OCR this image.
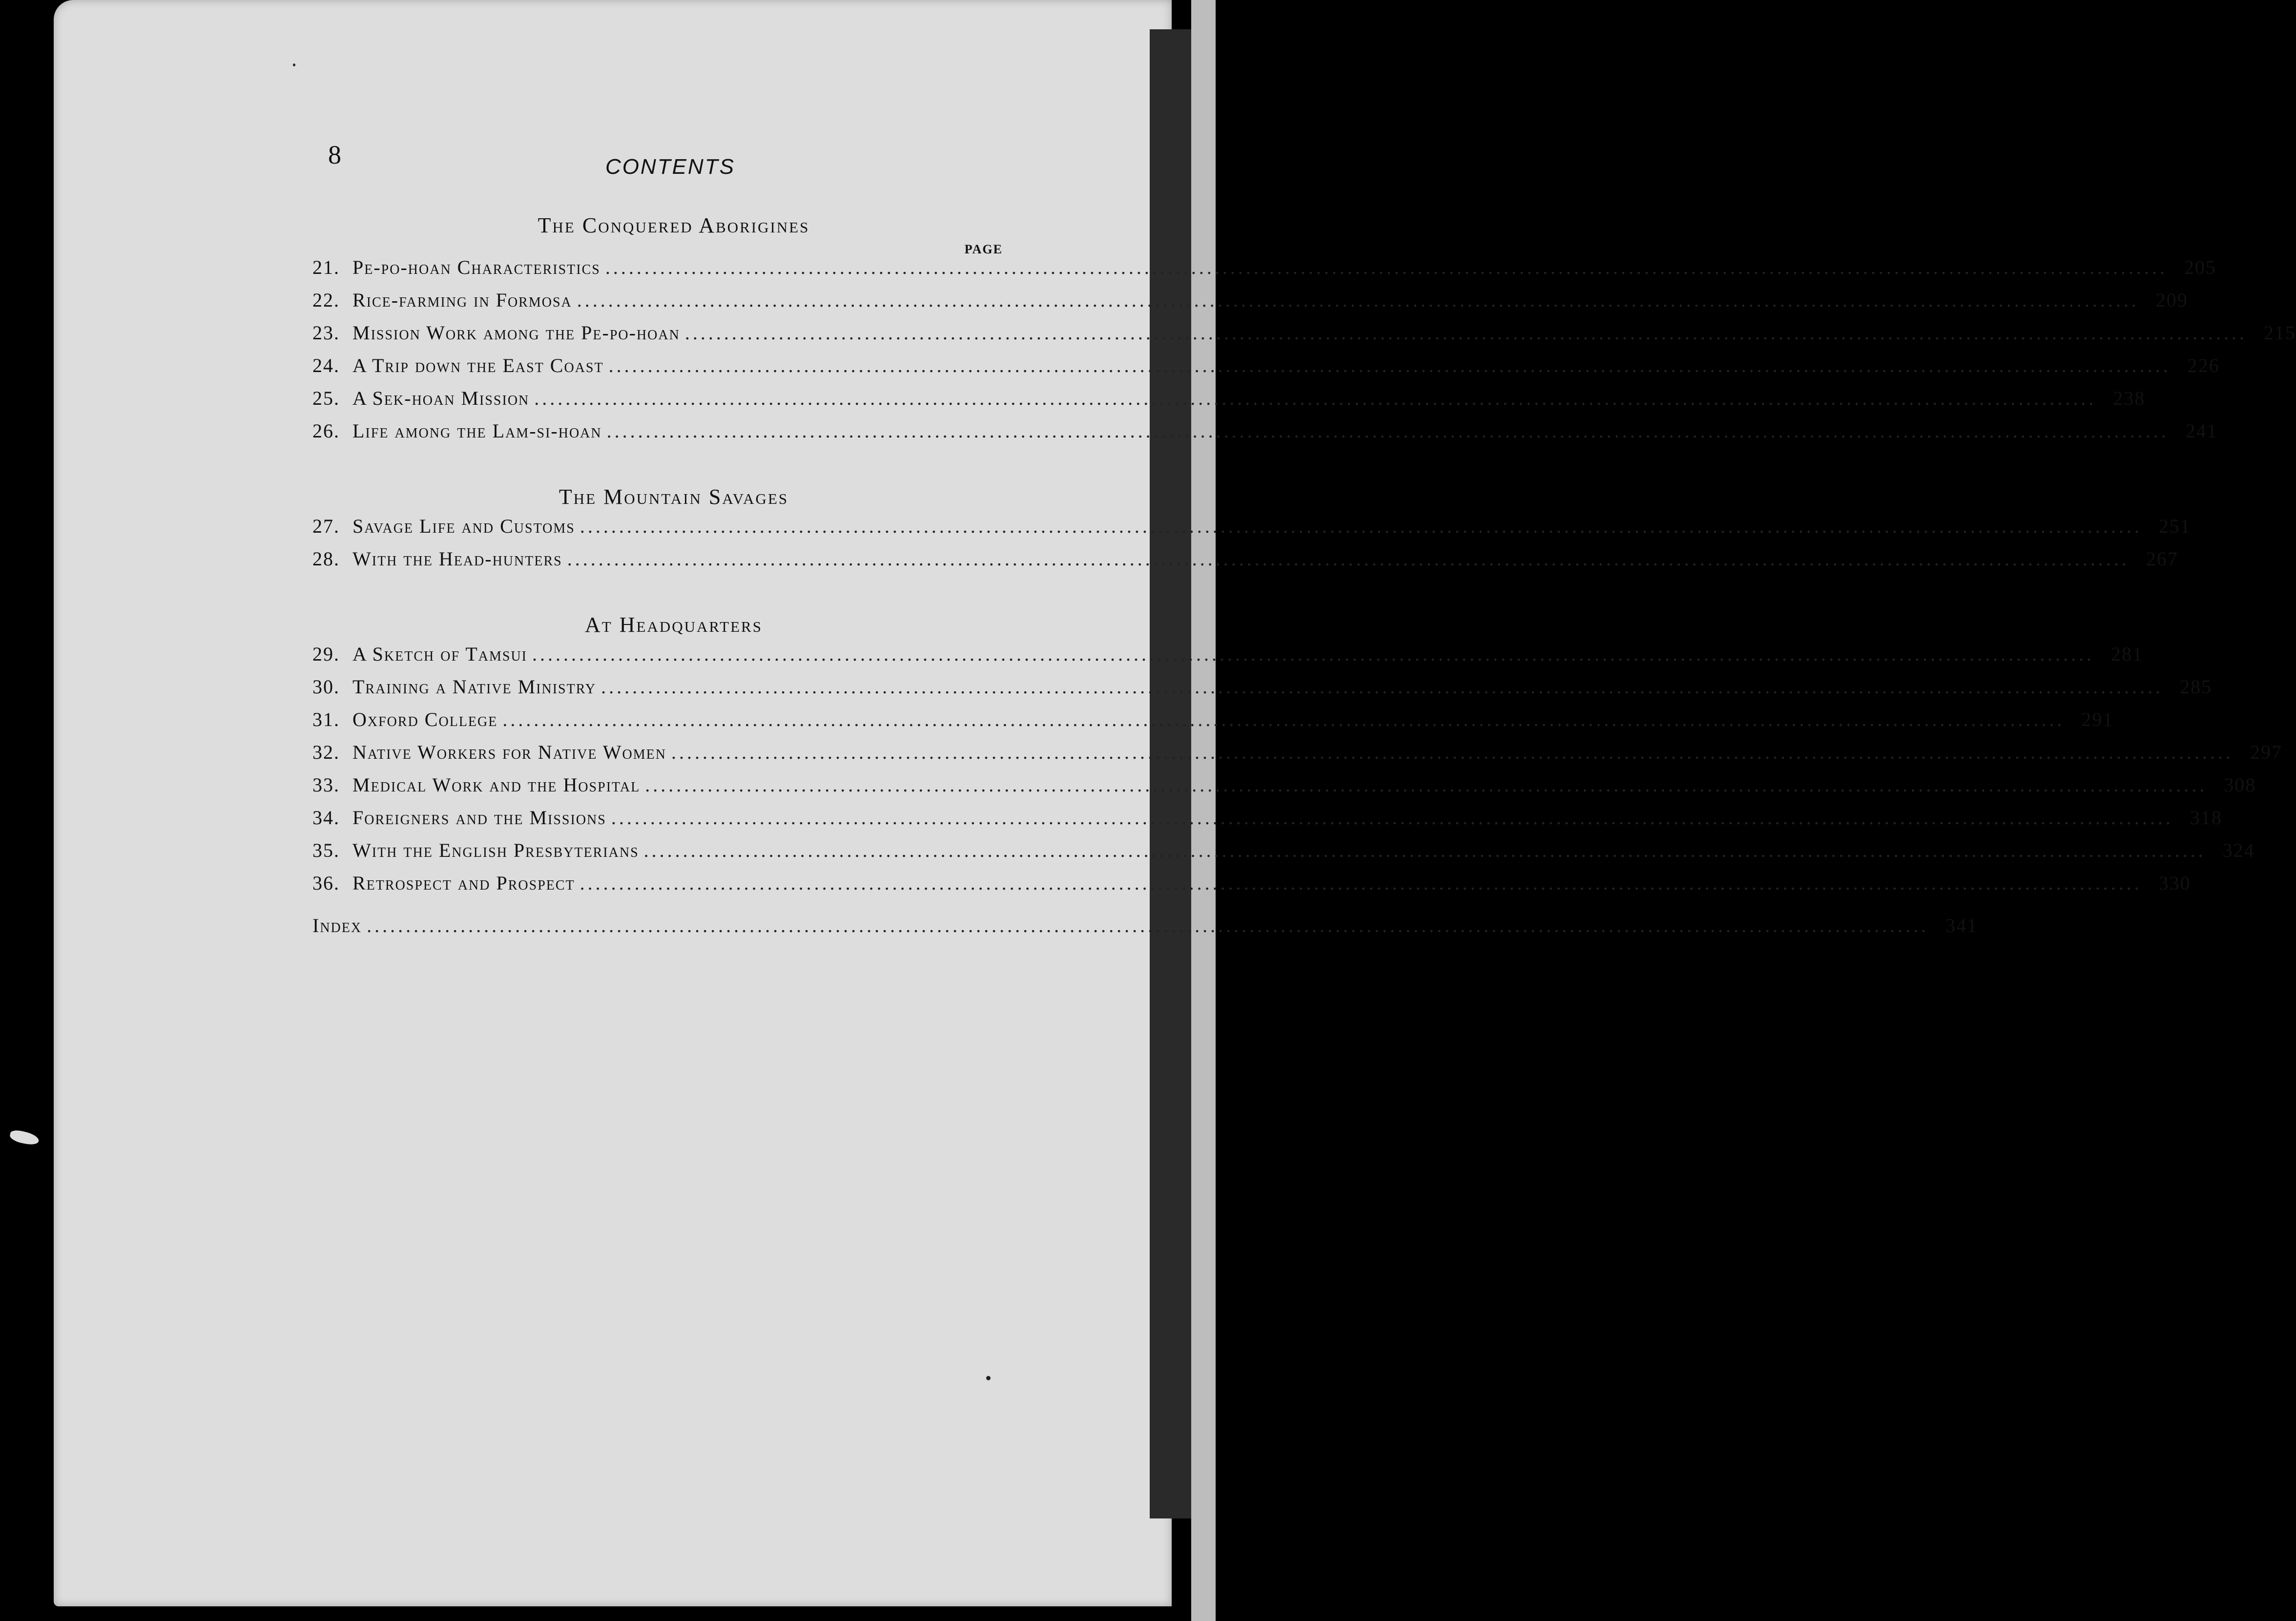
8	CONTENTS
The Conquered Aborigines
PAGE
21. Pe-po-hoan Characteristics ........................................................................................................................................................................................................ 205
22. Rice-farming in Formosa ........................................................................................................................................................................................................ 209
23. Mission Work among the Pe-po-hoan ........................................................................................................................................................................................................ 215
24. A Trip down the East Coast ........................................................................................................................................................................................................ 226
25. A Sek-hoan Mission ........................................................................................................................................................................................................ 238
26. Life among the Lam-si-hoan ........................................................................................................................................................................................................ 241
The Mountain Savages
27. Savage Life and Customs ........................................................................................................................................................................................................ 251
28. With the Head-hunters ........................................................................................................................................................................................................ 267
At Headquarters
29. A Sketch of Tamsui ........................................................................................................................................................................................................ 281
30. Training a Native Ministry ........................................................................................................................................................................................................ 285
31. Oxford College ........................................................................................................................................................................................................ 291
32. Native Workers for Native Women ........................................................................................................................................................................................................ 297
33. Medical Work and the Hospital ........................................................................................................................................................................................................ 308
34. Foreigners and the Missions ........................................................................................................................................................................................................ 318
35. With the English Presbyterians ........................................................................................................................................................................................................ 324
36. Retrospect and Prospect ........................................................................................................................................................................................................ 330
Index ........................................................................................................................................................................................................ 341
